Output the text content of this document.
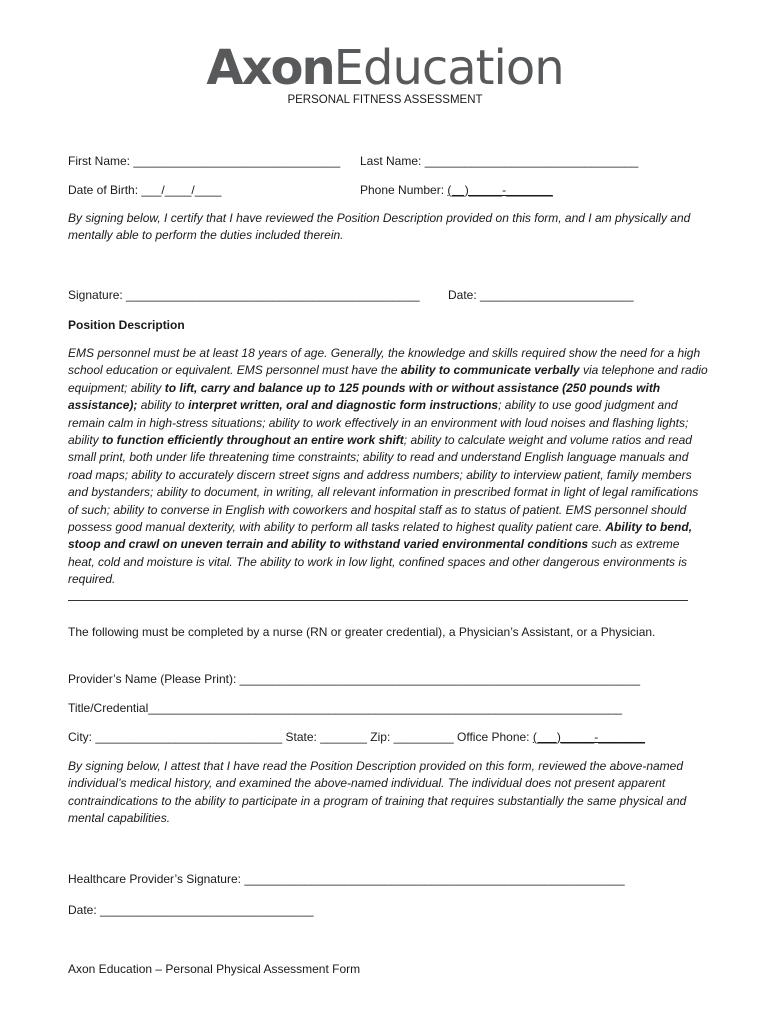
AxonEducation
PERSONAL FITNESS ASSESSMENT
First Name: _______________________________ Last Name: ________________________________
Date of Birth: ___/____/____	Phone Number: (__)_____-_______
By signing below, I certify that I have reviewed the Position Description provided on this form, and I am physically and mentally able to perform the duties included therein.
Signature: ____________________________________________ Date: _______________________
Position Description
EMS personnel must be at least 18 years of age. Generally, the knowledge and skills required show the need for a high school education or equivalent. EMS personnel must have the ability to communicate verbally via telephone and radio equipment; ability to lift, carry and balance up to 125 pounds with or without assistance (250 pounds with assistance); ability to interpret written, oral and diagnostic form instructions; ability to use good judgment and remain calm in high-stress situations; ability to work effectively in an environment with loud noises and flashing lights; ability to function efficiently throughout an entire work shift; ability to calculate weight and volume ratios and read small print, both under life threatening time constraints; ability to read and understand English language manuals and road maps; ability to accurately discern street signs and address numbers; ability to interview patient, family members and bystanders; ability to document, in writing, all relevant information in prescribed format in light of legal ramifications of such; ability to converse in English with coworkers and hospital staff as to status of patient. EMS personnel should possess good manual dexterity, with ability to perform all tasks related to highest quality patient care. Ability to bend, stoop and crawl on uneven terrain and ability to withstand varied environmental conditions such as extreme heat, cold and moisture is vital. The ability to work in low light, confined spaces and other dangerous environments is required.
The following must be completed by a nurse (RN or greater credential), a Physician’s Assistant, or a Physician.
Provider’s Name (Please Print): ____________________________________________________________
Title/Credential_______________________________________________________________________
City: ____________________________ State: _______ Zip: _________ Office Phone: (___)_____-_______
By signing below, I attest that I have read the Position Description provided on this form, reviewed the above-named individual’s medical history, and examined the above-named individual. The individual does not present apparent contraindications to the ability to participate in a program of training that requires substantially the same physical and mental capabilities.
Healthcare Provider’s Signature: _________________________________________________________
Date: ________________________________
Axon Education – Personal Physical Assessment Form
